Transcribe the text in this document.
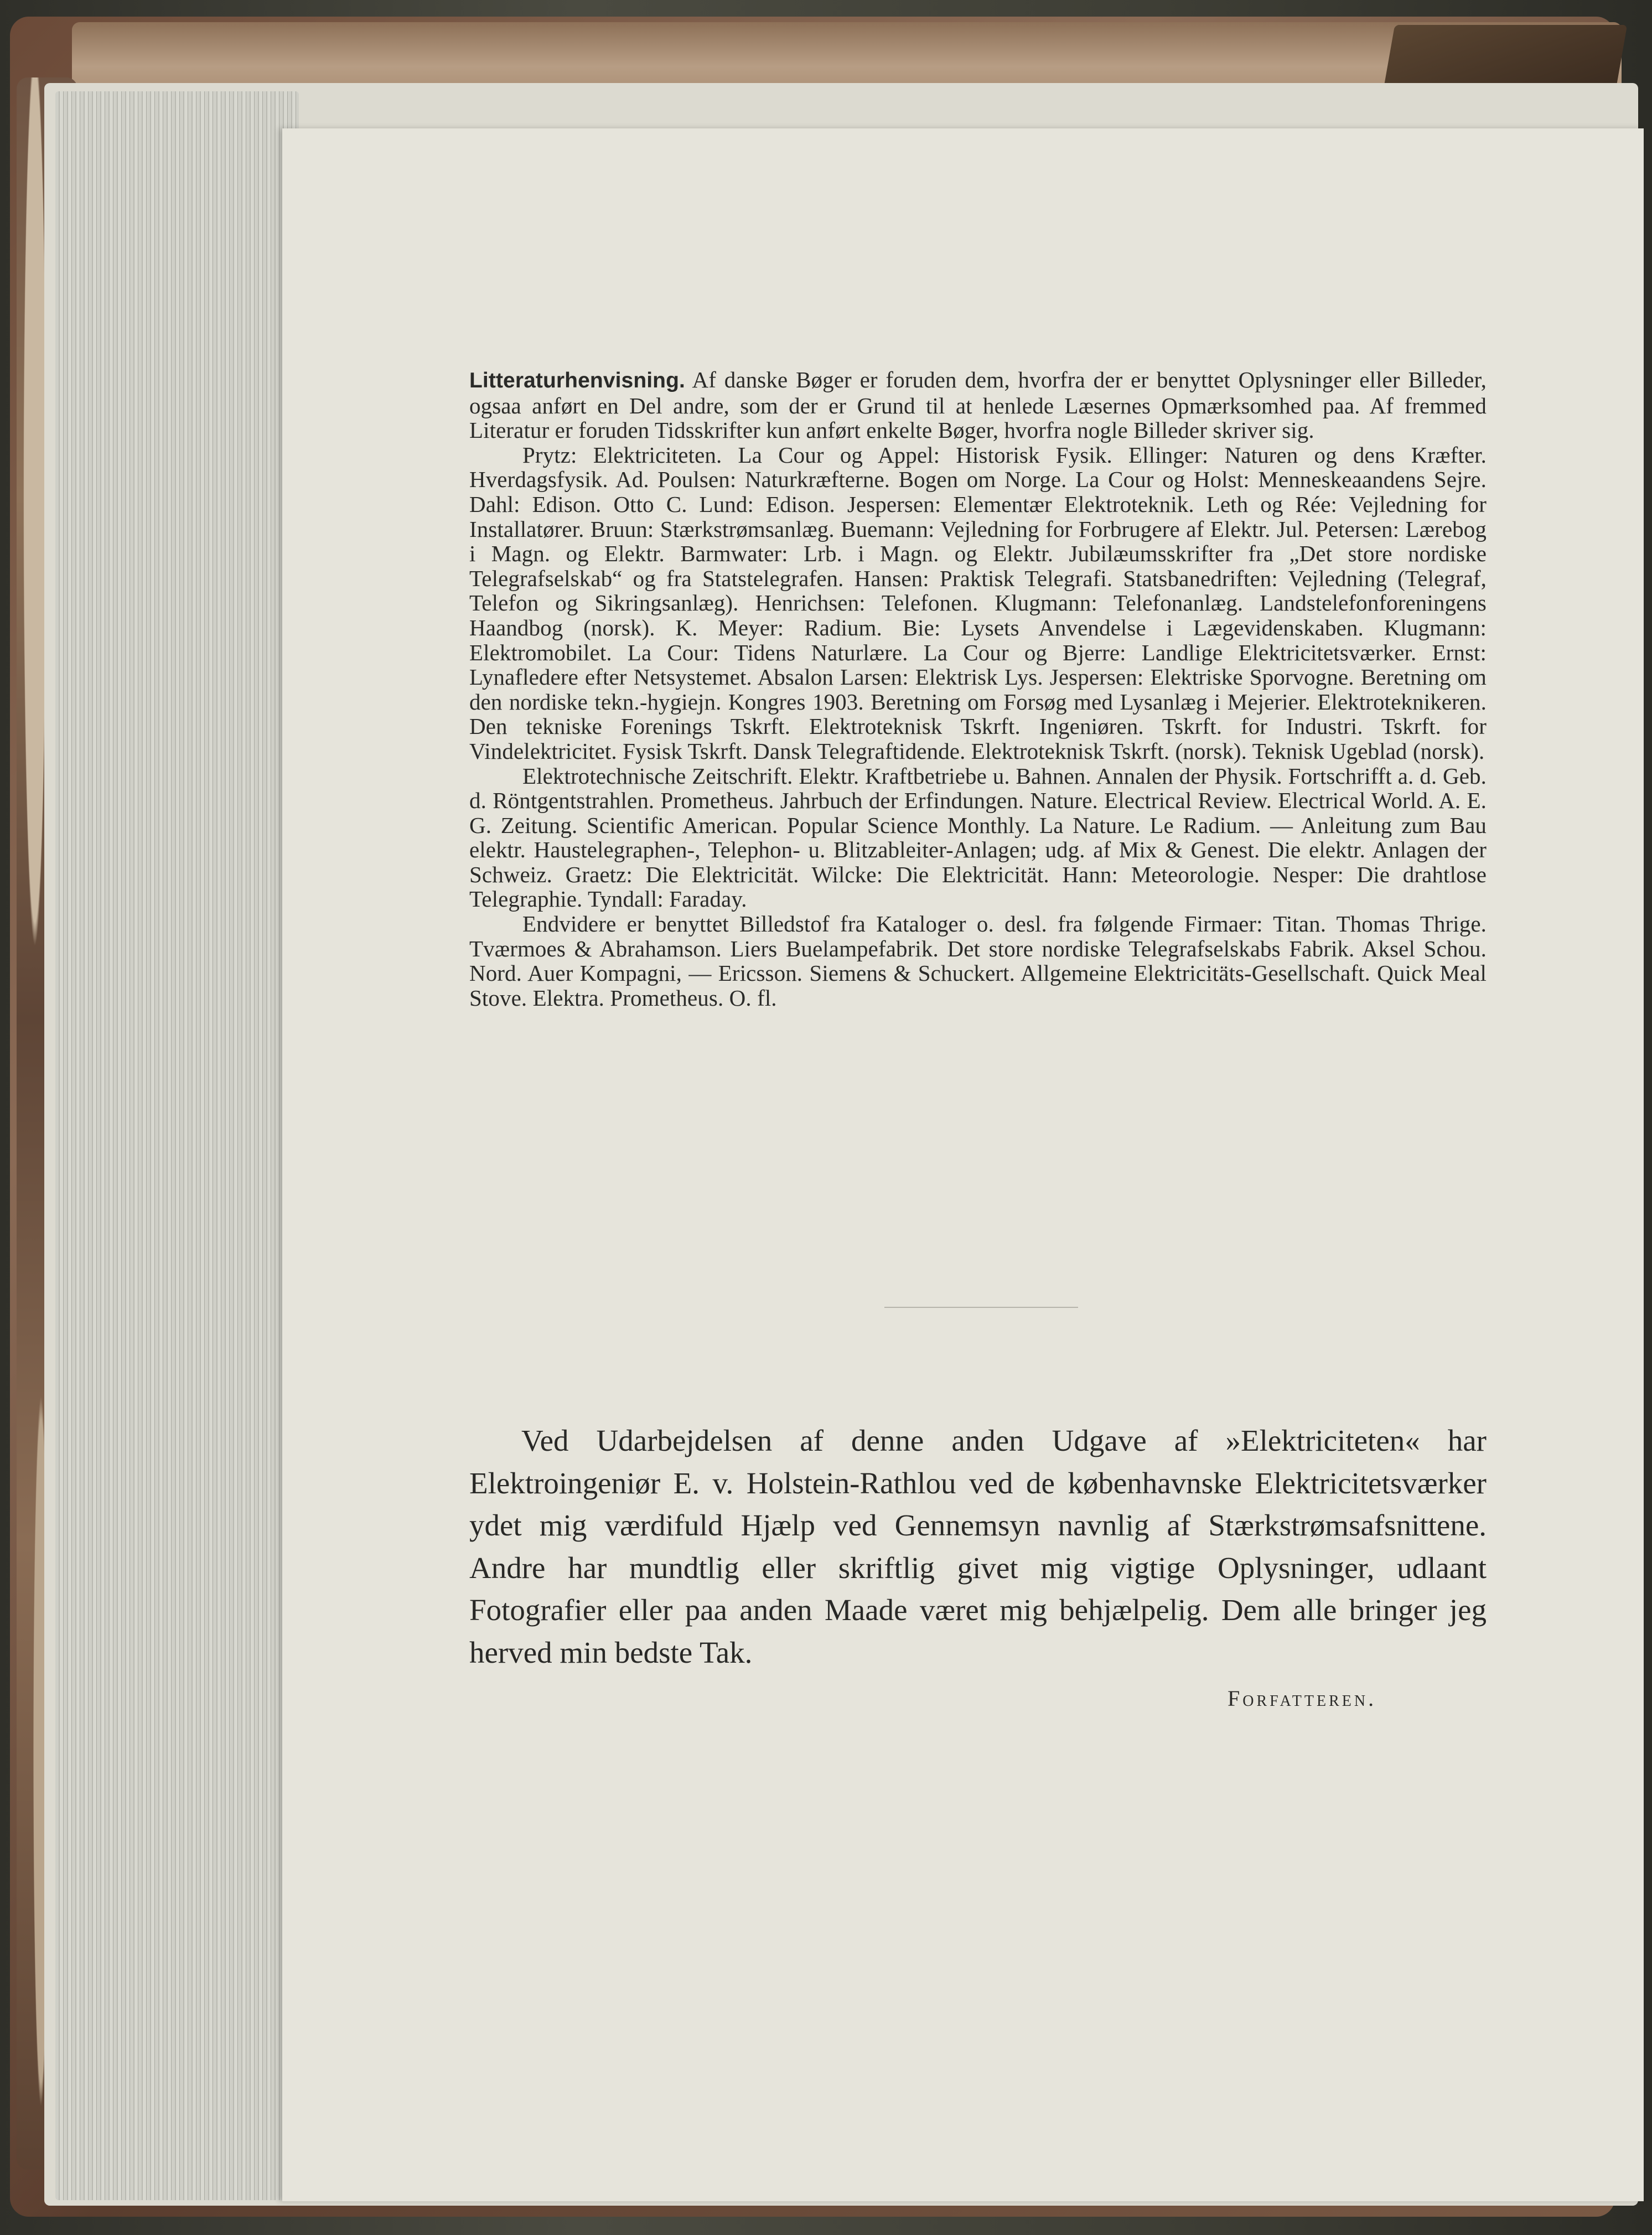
Litteraturhenvisning. Af danske Bøger er foruden dem, hvorfra der er benyttet Oplysninger eller Billeder, ogsaa anført en Del andre, som der er Grund til at henlede Læsernes Opmærksomhed paa. Af fremmed Literatur er foruden Tidsskrifter kun anført enkelte Bøger, hvorfra nogle Billeder skriver sig.

Prytz: Elektriciteten. La Cour og Appel: Historisk Fysik. Ellinger: Naturen og dens Kræfter. Hverdagsfysik. Ad. Poulsen: Naturkræfterne. Bogen om Norge. La Cour og Holst: Menneskeaandens Sejre. Dahl: Edison. Otto C. Lund: Edison. Jespersen: Elementær Elektroteknik. Leth og Rée: Vejledning for Installatører. Bruun: Stærkstrømsanlæg. Buemann: Vejledning for Forbrugere af Elektr. Jul. Petersen: Lærebog i Magn. og Elektr. Barmwater: Lrb. i Magn. og Elektr. Jubilæumsskrifter fra „Det store nordiske Telegrafselskab“ og fra Statstelegrafen. Hansen: Praktisk Telegrafi. Statsbanedriften: Vejledning (Telegraf, Telefon og Sikringsanlæg). Henrichsen: Telefonen. Klugmann: Telefonanlæg. Landstelefonforeningens Haandbog (norsk). K. Meyer: Radium. Bie: Lysets Anvendelse i Lægevidenskaben. Klugmann: Elektromobilet. La Cour: Tidens Naturlære. La Cour og Bjerre: Landlige Elektricitetsværker. Ernst: Lynafledere efter Netsystemet. Absalon Larsen: Elektrisk Lys. Jespersen: Elektriske Sporvogne. Beretning om den nordiske tekn.-hygiejn. Kongres 1903. Beretning om Forsøg med Lysanlæg i Mejerier. Elektroteknikeren. Den tekniske Forenings Tskrft. Elektroteknisk Tskrft. Ingeniøren. Tskrft. for Industri. Tskrft. for Vindelektricitet. Fysisk Tskrft. Dansk Telegraftidende. Elektroteknisk Tskrft. (norsk). Teknisk Ugeblad (norsk).

Elektrotechnische Zeitschrift. Elektr. Kraftbetriebe u. Bahnen. Annalen der Physik. Fortschrifft a. d. Geb. d. Röntgentstrahlen. Prometheus. Jahrbuch der Erfindungen. Nature. Electrical Review. Electrical World. A. E. G. Zeitung. Scientific American. Popular Science Monthly. La Nature. Le Radium. — Anleitung zum Bau elektr. Haustelegraphen-, Telephon- u. Blitzableiter-Anlagen; udg. af Mix & Genest. Die elektr. Anlagen der Schweiz. Graetz: Die Elektricität. Wilcke: Die Elektricität. Hann: Meteorologie. Nesper: Die drahtlose Telegraphie. Tyndall: Faraday.

Endvidere er benyttet Billedstof fra Kataloger o. desl. fra følgende Firmaer: Titan. Thomas Thrige. Tværmoes & Abrahamson. Liers Buelampefabrik. Det store nordiske Telegrafselskabs Fabrik. Aksel Schou. Nord. Auer Kompagni, — Ericsson. Siemens & Schuckert. Allgemeine Elektricitäts-Gesellschaft. Quick Meal Stove. Elektra. Prometheus. O. fl.

Ved Udarbejdelsen af denne anden Udgave af »Elektriciteten« har Elektroingeniør E. v. Holstein-Rathlou ved de københavnske Elektricitetsværker ydet mig værdifuld Hjælp ved Gennemsyn navnlig af Stærkstrømsafsnittene. Andre har mundtlig eller skriftlig givet mig vigtige Oplysninger, udlaant Fotografier eller paa anden Maade været mig behjælpelig. Dem alle bringer jeg herved min bedste Tak.

Forfatteren.
